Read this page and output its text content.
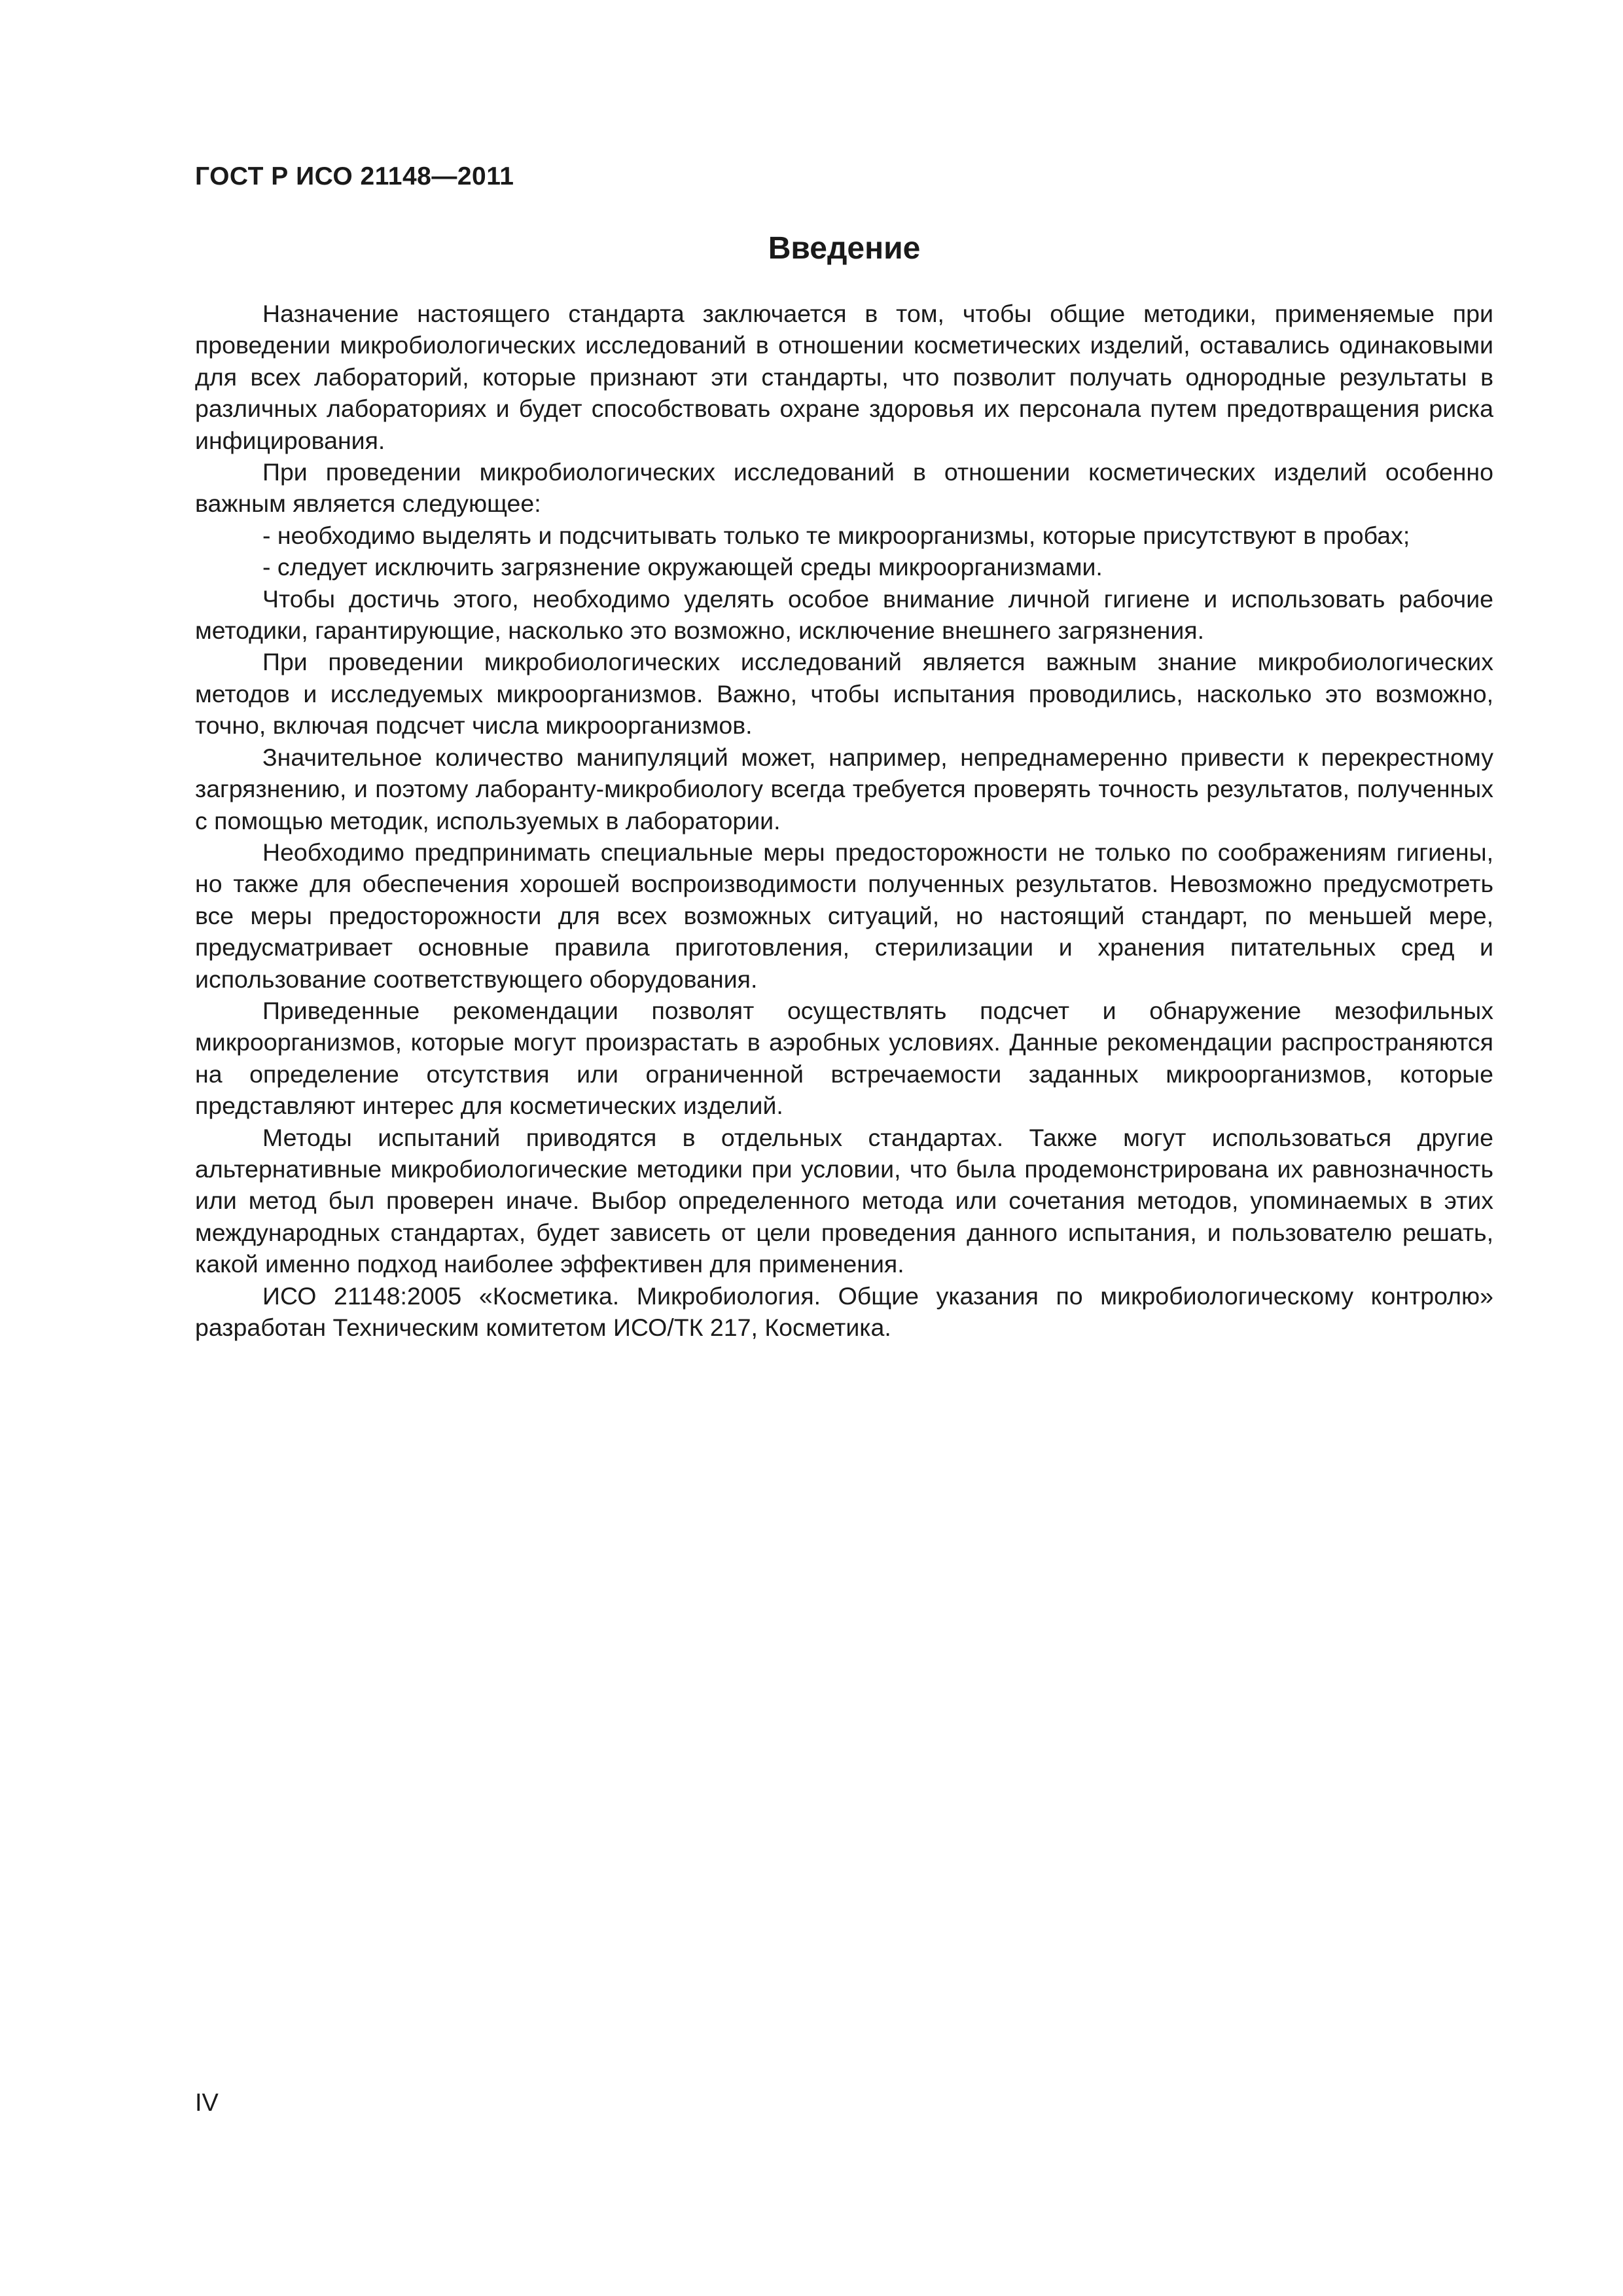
ГОСТ Р ИСО 21148—2011
Введение

Назначение настоящего стандарта заключается в том, чтобы общие методики, применяемые при проведении микробиологических исследований в отношении косметических изделий, оставались одинаковыми для всех лабораторий, которые признают эти стандарты, что позволит получать однородные результаты в различных лабораториях и будет способствовать охране здоровья их персонала путем предотвращения риска инфицирования.

При проведении микробиологических исследований в отношении косметических изделий особенно важным является следующее:

- необходимо выделять и подсчитывать только те микроорганизмы, которые присутствуют в пробах;

- следует исключить загрязнение окружающей среды микроорганизмами.

Чтобы достичь этого, необходимо уделять особое внимание личной гигиене и использовать рабочие методики, гарантирующие, насколько это возможно, исключение внешнего загрязнения.

При проведении микробиологических исследований является важным знание микробиологических методов и исследуемых микроорганизмов. Важно, чтобы испытания проводились, насколько это возможно, точно, включая подсчет числа микроорганизмов.

Значительное количество манипуляций может, например, непреднамеренно привести к перекрестному загрязнению, и поэтому лаборанту-микробиологу всегда требуется проверять точность результатов, полученных с помощью методик, используемых в лаборатории.

Необходимо предпринимать специальные меры предосторожности не только по соображениям гигиены, но также для обеспечения хорошей воспроизводимости полученных результатов. Невозможно предусмотреть все меры предосторожности для всех возможных ситуаций, но настоящий стандарт, по меньшей мере, предусматривает основные правила приготовления, стерилизации и хранения питательных сред и использование соответствующего оборудования.

Приведенные рекомендации позволят осуществлять подсчет и обнаружение мезофильных микроорганизмов, которые могут произрастать в аэробных условиях. Данные рекомендации распространяются на определение отсутствия или ограниченной встречаемости заданных микроорганизмов, которые представляют интерес для косметических изделий.

Методы испытаний приводятся в отдельных стандартах. Также могут использоваться другие альтернативные микробиологические методики при условии, что была продемонстрирована их равнозначность или метод был проверен иначе. Выбор определенного метода или сочетания методов, упоминаемых в этих международных стандартах, будет зависеть от цели проведения данного испытания, и пользователю решать, какой именно подход наиболее эффективен для применения.

ИСО 21148:2005 «Косметика. Микробиология. Общие указания по микробиологическому контролю» разработан Техническим комитетом ИСО/ТК 217, Косметика.

IV
